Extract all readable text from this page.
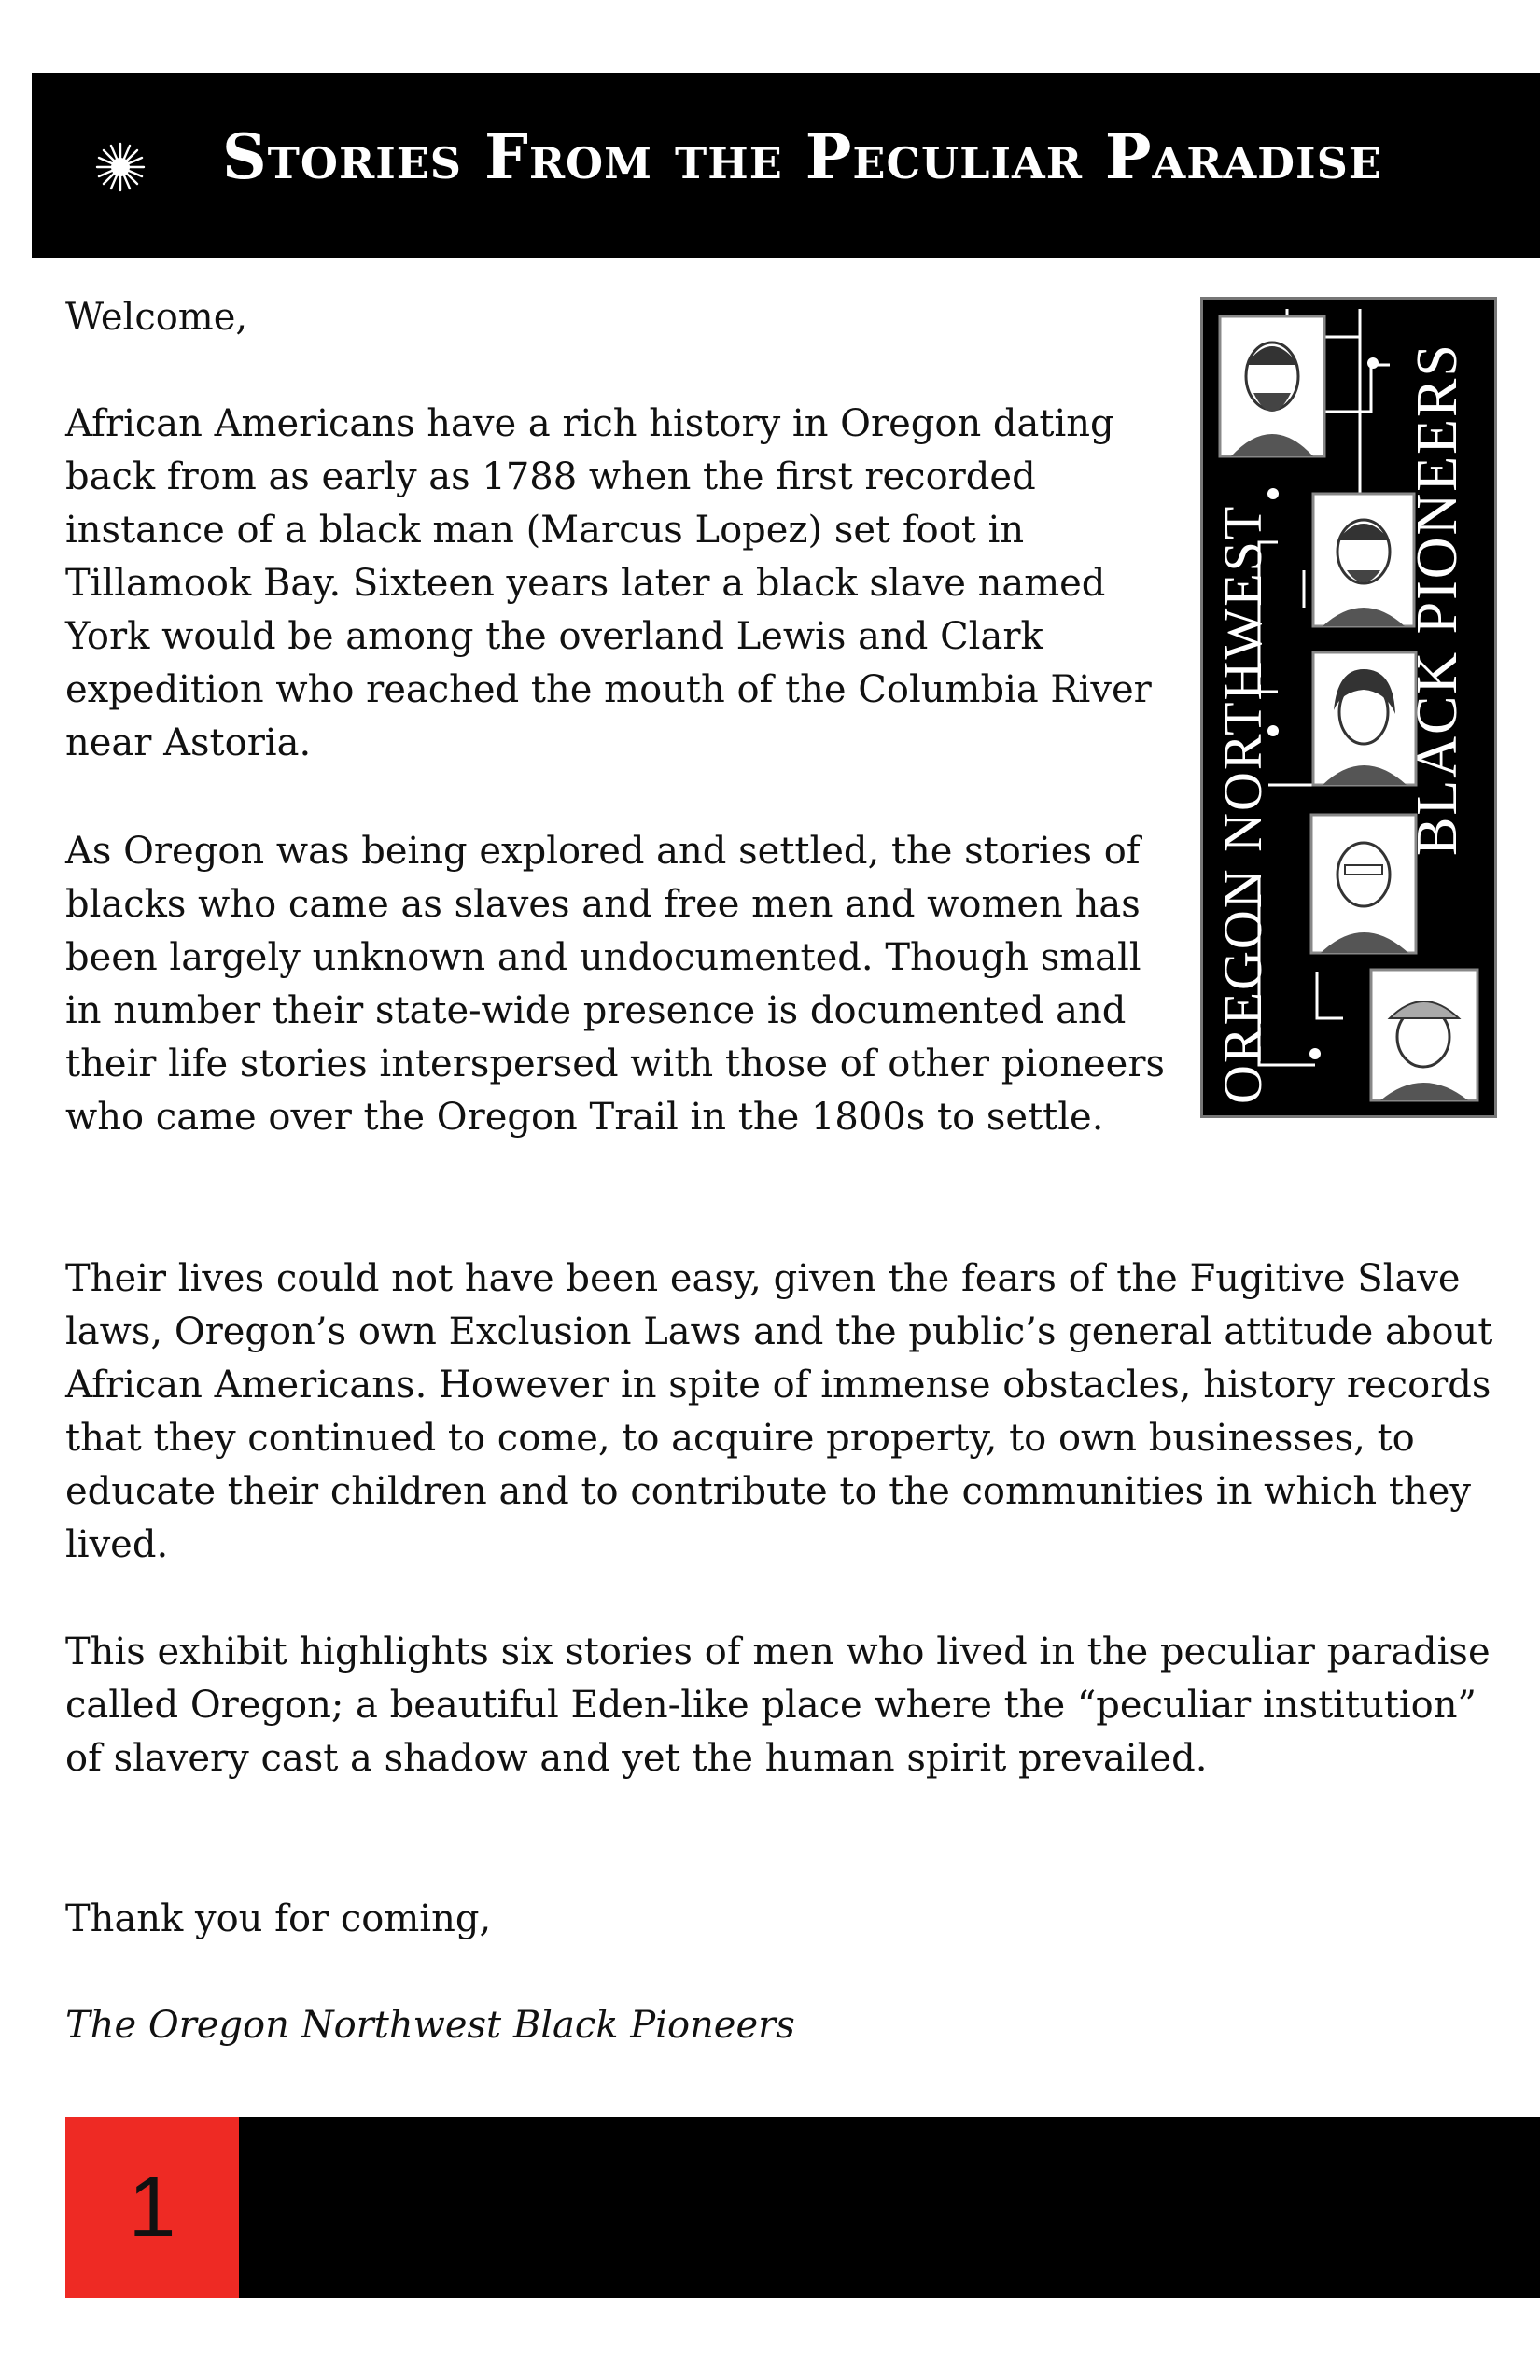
Stories From the Peculiar Paradise
OREGON NORTHWEST BLACK PIONEERS
Welcome,
African Americans have a rich history in Oregon dating back from as early as 1788 when the first recorded instance of a black man (Marcus Lopez) set foot in Tillamook Bay. Sixteen years later a black slave named York would be among the overland Lewis and Clark expedition who reached the mouth of the Columbia River near Astoria.
As Oregon was being explored and settled, the stories of blacks who came as slaves and free men and women has been largely unknown and undocumented. Though small in number their state-wide presence is documented and their life stories interspersed with those of other pioneers who came over the Oregon Trail in the 1800s to settle.
Their lives could not have been easy, given the fears of the Fugitive Slave laws, Oregon’s own Exclusion Laws and the public’s general attitude about African Americans. However in spite of immense obstacles, history records that they continued to come, to acquire property, to own businesses, to educate their children and to contribute to the communities in which they lived.
This exhibit highlights six stories of men who lived in the peculiar paradise called Oregon; a beautiful Eden-like place where the “peculiar institution” of slavery cast a shadow and yet the human spirit prevailed.
Thank you for coming,
The Oregon Northwest Black Pioneers
1
